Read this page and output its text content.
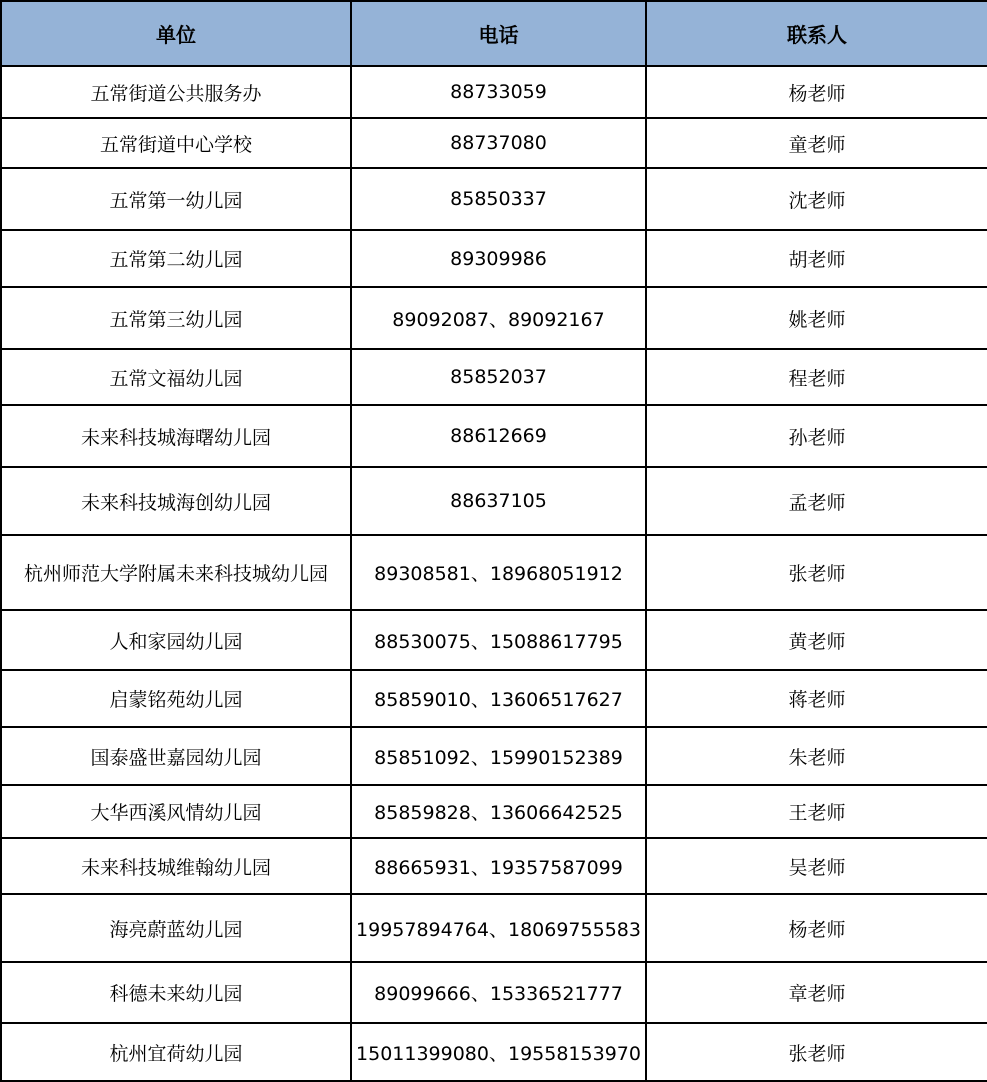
单位	电话	联系人
五常街道公共服务办	88733059	杨老师
五常街道中心学校	88737080	童老师
五常第一幼儿园	85850337	沈老师
五常第二幼儿园	89309986	胡老师
五常第三幼儿园	89092087、89092167	姚老师
五常文福幼儿园	85852037	程老师
未来科技城海曙幼儿园	88612669	孙老师
未来科技城海创幼儿园	88637105	孟老师
杭州师范大学附属未来科技城幼儿园	89308581、18968051912	张老师
人和家园幼儿园	88530075、15088617795	黄老师
启蒙铭苑幼儿园	85859010、13606517627	蒋老师
国泰盛世嘉园幼儿园	85851092、15990152389	朱老师
大华西溪风情幼儿园	85859828、13606642525	王老师
未来科技城维翰幼儿园	88665931、19357587099	吴老师
海亮蔚蓝幼儿园	19957894764、18069755583	杨老师
科德未来幼儿园	89099666、15336521777	章老师
杭州宜荷幼儿园	15011399080、19558153970	张老师
